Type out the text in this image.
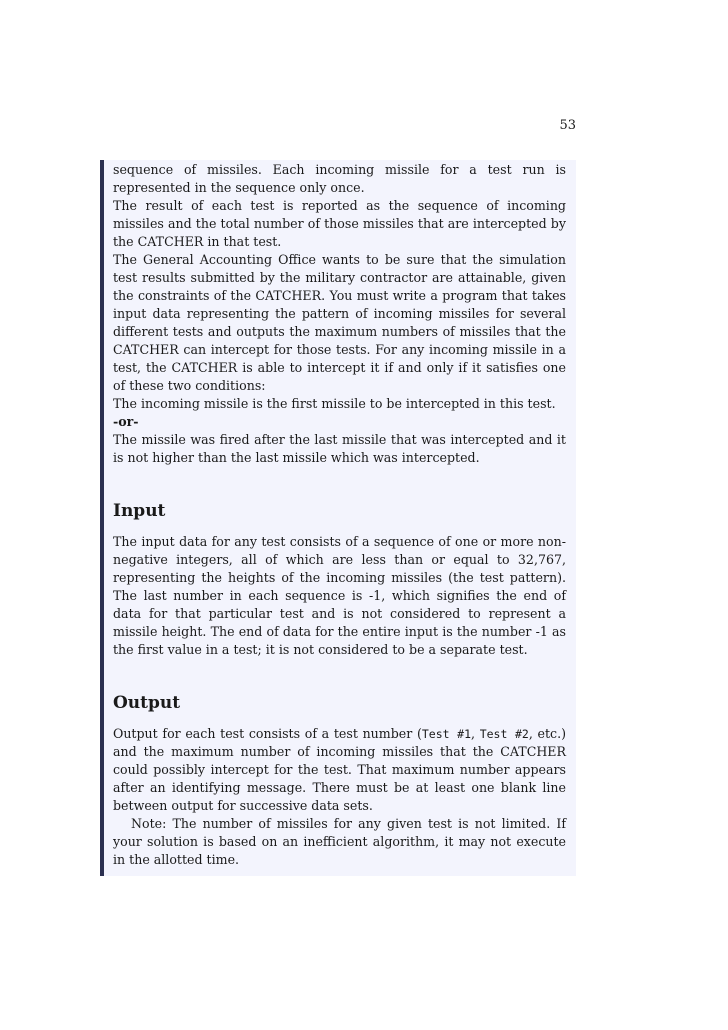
53

sequence of missiles. Each incoming missile for a test run is represented in the sequence only once.

The result of each test is reported as the sequence of incoming missiles and the total number of those missiles that are intercepted by the CATCHER in that test.

The General Accounting Office wants to be sure that the simulation test results submitted by the military contractor are attainable, given the constraints of the CATCHER. You must write a program that takes input data representing the pattern of incoming missiles for several different tests and outputs the maximum numbers of missiles that the CATCHER can intercept for those tests. For any incoming missile in a test, the CATCHER is able to intercept it if and only if it satisfies one of these two conditions:

The incoming missile is the first missile to be intercepted in this test.

-or-

The missile was fired after the last missile that was intercepted and it is not higher than the last missile which was intercepted.

Input

The input data for any test consists of a sequence of one or more non-negative integers, all of which are less than or equal to 32,767, representing the heights of the incoming missiles (the test pattern). The last number in each sequence is -1, which signifies the end of data for that particular test and is not considered to represent a missile height. The end of data for the entire input is the number -1 as the first value in a test; it is not considered to be a separate test.

Output

Output for each test consists of a test number (Test #1, Test #2, etc.) and the maximum number of incoming missiles that the CATCHER could possibly intercept for the test. That maximum number appears after an identifying message. There must be at least one blank line between output for successive data sets.

Note: The number of missiles for any given test is not limited. If your solution is based on an inefficient algorithm, it may not execute in the allotted time.
